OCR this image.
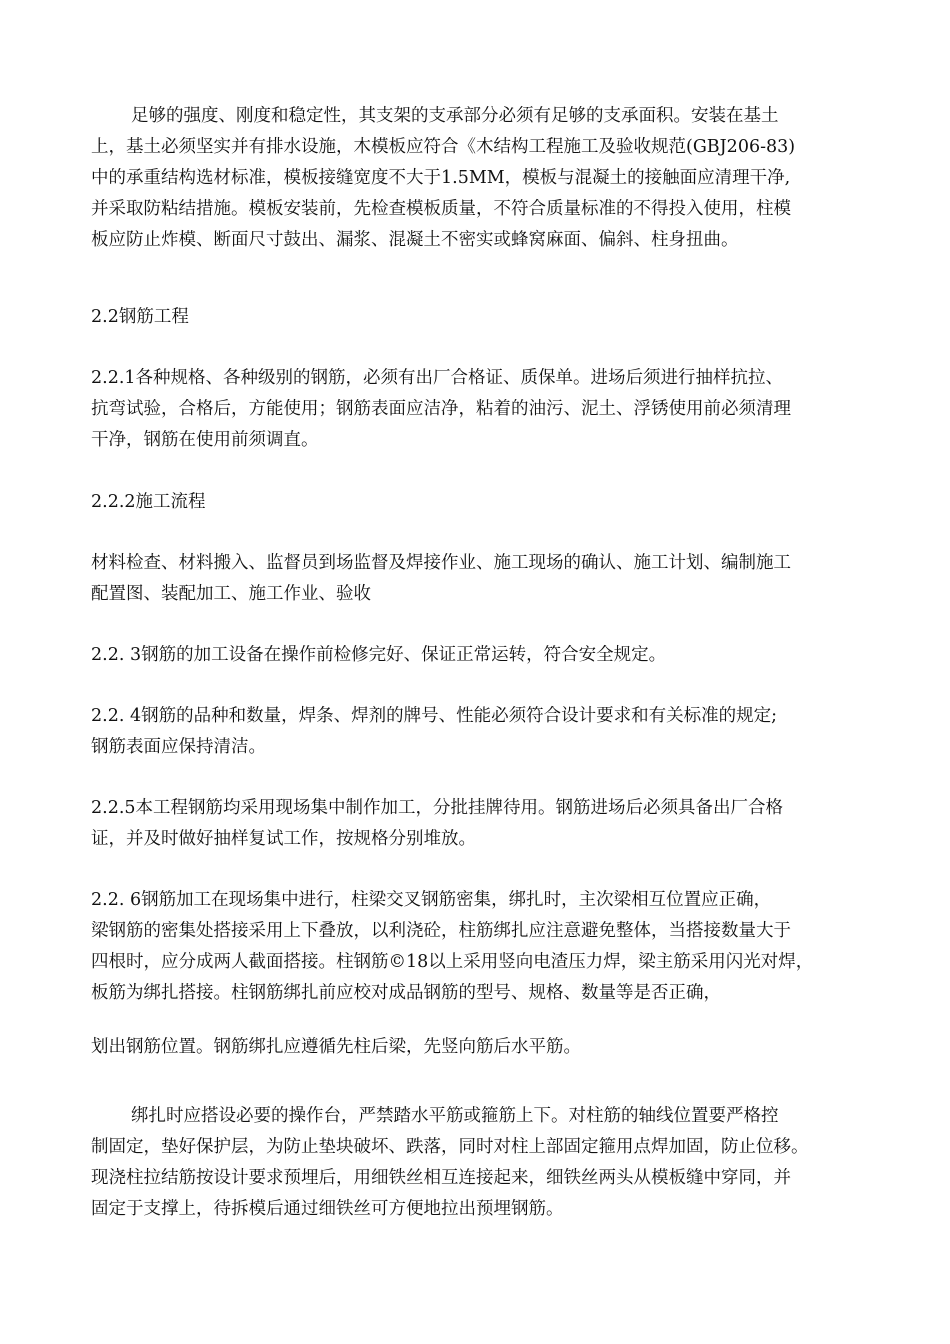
足够的强度、刚度和稳定性，其支架的支承部分必须有足够的支承面积。安装在基土
上，基土必须坚实并有排水设施，木模板应符合《木结构工程施工及验收规范(GBJ206-83)
中的承重结构选材标准，模板接缝宽度不大于1.5MM，模板与混凝土的接触面应清理干净,
并采取防粘结措施。模板安装前，先检查模板质量，不符合质量标准的不得投入使用，柱模
板应防止炸模、断面尺寸鼓出、漏浆、混凝土不密实或蜂窝麻面、偏斜、柱身扭曲。
2.2钢筋工程
2.2.1各种规格、各种级别的钢筋，必须有出厂合格证、质保单。进场后须进行抽样抗拉、
抗弯试验，合格后，方能使用；钢筋表面应洁净，粘着的油污、泥土、浮锈使用前必须清理
干净，钢筋在使用前须调直。
2.2.2施工流程
材料检查、材料搬入、监督员到场监督及焊接作业、施工现场的确认、施工计划、编制施工
配置图、装配加工、施工作业、验收
2.2. 3钢筋的加工设备在操作前检修完好、保证正常运转，符合安全规定。
2.2. 4钢筋的品种和数量，焊条、焊剂的牌号、性能必须符合设计要求和有关标准的规定;
钢筋表面应保持清洁。
2.2.5本工程钢筋均采用现场集中制作加工，分批挂牌待用。钢筋进场后必须具备出厂合格
证，并及时做好抽样复试工作，按规格分别堆放。
2.2. 6钢筋加工在现场集中进行，柱梁交叉钢筋密集，绑扎时，主次梁相互位置应正确，
梁钢筋的密集处搭接采用上下叠放，以利浇砼，柱筋绑扎应注意避免整体，当搭接数量大于
四根时，应分成两人截面搭接。柱钢筋©18以上采用竖向电渣压力焊，梁主筋采用闪光对焊，
板筋为绑扎搭接。柱钢筋绑扎前应校对成品钢筋的型号、规格、数量等是否正确，
划出钢筋位置。钢筋绑扎应遵循先柱后梁，先竖向筋后水平筋。
绑扎时应搭设必要的操作台，严禁踏水平筋或箍筋上下。对柱筋的轴线位置要严格控
制固定，垫好保护层，为防止垫块破坏、跌落，同时对柱上部固定箍用点焊加固，防止位移。
现浇柱拉结筋按设计要求预埋后，用细铁丝相互连接起来，细铁丝两头从模板缝中穿同，并
固定于支撑上，待拆模后通过细铁丝可方便地拉出预埋钢筋。
